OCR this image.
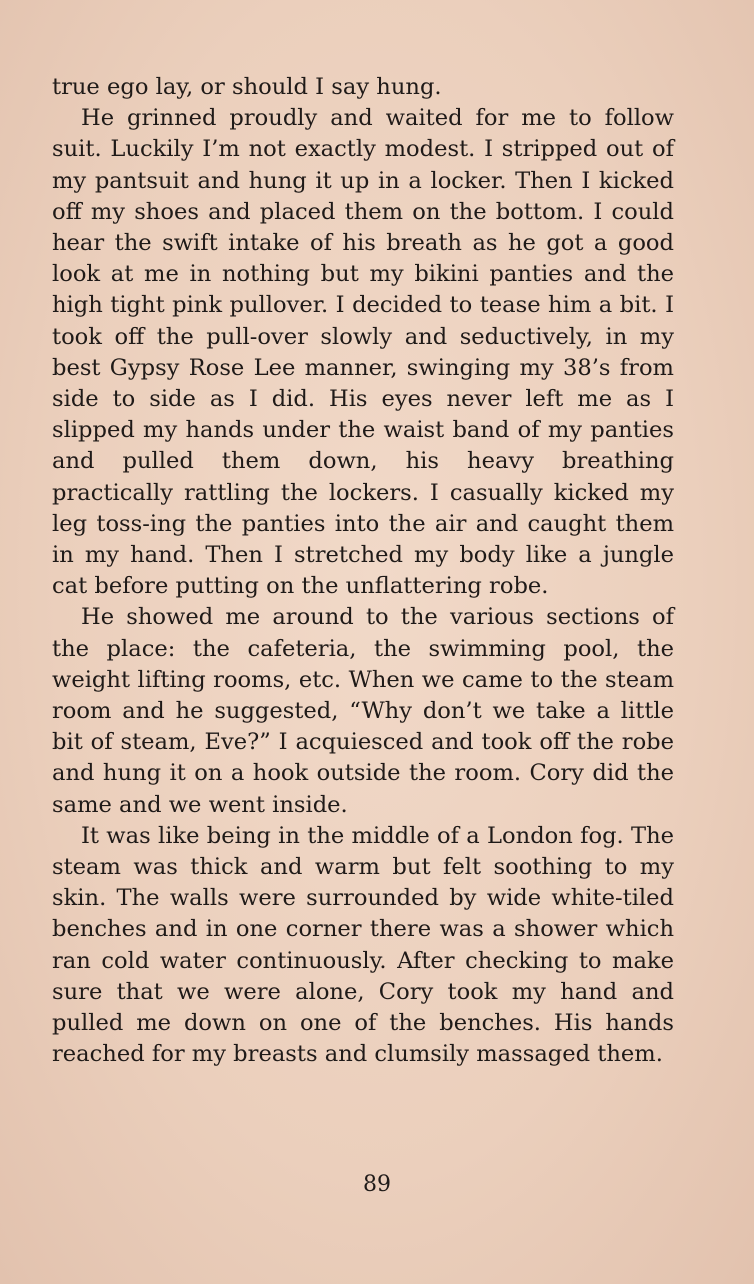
true ego lay, or should I say hung.

He grinned proudly and waited for me to follow suit. Luckily I’m not exactly modest. I stripped out of my pantsuit and hung it up in a locker. Then I kicked off my shoes and placed them on the bottom. I could hear the swift intake of his breath as he got a good look at me in nothing but my bikini panties and the high tight pink pullover. I decided to tease him a bit. I took off the pull-over slowly and seductively, in my best Gypsy Rose Lee manner, swinging my 38’s from side to side as I did. His eyes never left me as I slipped my hands under the waist band of my panties and pulled them down, his heavy breathing practically rattling the lockers. I casually kicked my leg toss-ing the panties into the air and caught them in my hand. Then I stretched my body like a jungle cat before putting on the unflattering robe.

He showed me around to the various sections of the place: the cafeteria, the swimming pool, the weight lifting rooms, etc. When we came to the steam room and he suggested, “Why don’t we take a little bit of steam, Eve?” I acquiesced and took off the robe and hung it on a hook outside the room. Cory did the same and we went inside.

It was like being in the middle of a London fog. The steam was thick and warm but felt soothing to my skin. The walls were surrounded by wide white-tiled benches and in one corner there was a shower which ran cold water continuously. After checking to make sure that we were alone, Cory took my hand and pulled me down on one of the benches. His hands reached for my breasts and clumsily massaged them.

89
